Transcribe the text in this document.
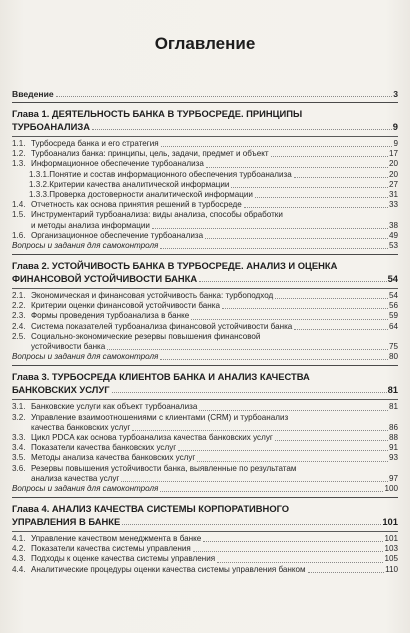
Оглавление
Введение	3
Глава 1. ДЕЯТЕЛЬНОСТЬ БАНКА В ТУРБОСРЕДЕ. ПРИНЦИПЫ
ТУРБОАНАЛИЗА	9
1.1. Турбосреда банка и его стратегия	9
1.2. Турбоанализ банка: принципы, цель, задачи, предмет и объект	17
1.3. Информационное обеспечение турбоанализа	20
1.3.1. Понятие и состав информационного обеспечения турбоанализа	20
1.3.2. Критерии качества аналитической информации	27
1.3.3. Проверка достоверности аналитической информации	31
1.4. Отчетность как основа принятия решений в турбосреде	33
1.5. Инструментарий турбоанализа: виды анализа, способы обработки
и методы анализа информации	38
1.6. Организационное обеспечение турбоанализа	49
Вопросы и задания для самоконтроля	53
Глава 2. УСТОЙЧИВОСТЬ БАНКА В ТУРБОСРЕДЕ. АНАЛИЗ И ОЦЕНКА
ФИНАНСОВОЙ УСТОЙЧИВОСТИ БАНКА	54
2.1. Экономическая и финансовая устойчивость банка: турбоподход	54
2.2. Критерии оценки финансовой устойчивости банка	56
2.3. Формы проведения турбоанализа в банке	59
2.4. Система показателей турбоанализа финансовой устойчивости банка	64
2.5. Социально-экономические резервы повышения финансовой
устойчивости банка	75
Вопросы и задания для самоконтроля	80
Глава 3. ТУРБОСРЕДА КЛИЕНТОВ БАНКА И АНАЛИЗ КАЧЕСТВА
БАНКОВСКИХ УСЛУГ	81
3.1. Банковские услуги как объект турбоанализа	81
3.2. Управление взаимоотношениями с клиентами (CRM) и турбоанализ
качества банковских услуг	86
3.3. Цикл PDCA как основа турбоанализа качества банковских услуг	88
3.4. Показатели качества банковских услуг	91
3.5. Методы анализа качества банковских услуг	93
3.6. Резервы повышения устойчивости банка, выявленные по результатам
анализа качества услуг	97
Вопросы и задания для самоконтроля	100
Глава 4. АНАЛИЗ КАЧЕСТВА СИСТЕМЫ КОРПОРАТИВНОГО
УПРАВЛЕНИЯ В БАНКЕ	101
4.1. Управление качеством менеджмента в банке	101
4.2. Показатели качества системы управления	103
4.3. Подходы к оценке качества системы управления	105
4.4. Аналитические процедуры оценки качества системы управления банком	110
